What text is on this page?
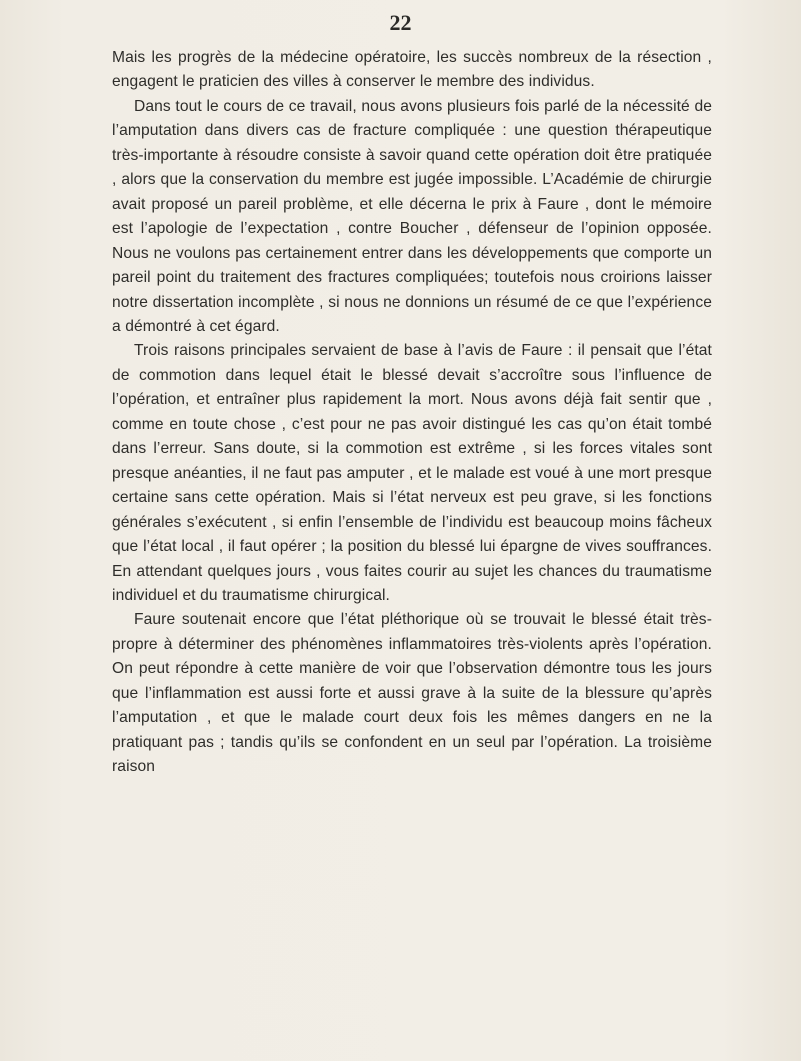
22

Mais les progrès de la médecine opératoire, les succès nombreux de la résection , engagent le praticien des villes à conserver le membre des individus.

Dans tout le cours de ce travail, nous avons plusieurs fois parlé de la nécessité de l’amputation dans divers cas de fracture compliquée : une question thérapeutique très-importante à résoudre consiste à savoir quand cette opération doit être pratiquée , alors que la conservation du membre est jugée impossible. L’Académie de chirurgie avait proposé un pareil problème, et elle décerna le prix à Faure , dont le mémoire est l’apologie de l’expectation , contre Boucher , défenseur de l’opinion opposée. Nous ne voulons pas certainement entrer dans les développements que comporte un pareil point du traitement des fractures compliquées; toutefois nous croirions laisser notre dissertation incomplète , si nous ne donnions un résumé de ce que l’expérience a démontré à cet égard.

Trois raisons principales servaient de base à l’avis de Faure : il pensait que l’état de commotion dans lequel était le blessé devait s’accroître sous l’influence de l’opération, et entraîner plus rapidement la mort. Nous avons déjà fait sentir que , comme en toute chose , c’est pour ne pas avoir distingué les cas qu’on était tombé dans l’erreur. Sans doute, si la commotion est extrême , si les forces vitales sont presque anéanties, il ne faut pas amputer , et le malade est voué à une mort presque certaine sans cette opération. Mais si l’état nerveux est peu grave, si les fonctions générales s’exécutent , si enfin l’ensemble de l’individu est beaucoup moins fâcheux que l’état local , il faut opérer ; la position du blessé lui épargne de vives souffrances. En attendant quelques jours , vous faites courir au sujet les chances du traumatisme individuel et du traumatisme chirurgical.

Faure soutenait encore que l’état pléthorique où se trouvait le blessé était très-propre à déterminer des phénomènes inflammatoires très-violents après l’opération. On peut répondre à cette manière de voir que l’observation démontre tous les jours que l’inflammation est aussi forte et aussi grave à la suite de la blessure qu’après l’amputation , et que le malade court deux fois les mêmes dangers en ne la pratiquant pas ; tandis qu’ils se confondent en un seul par l’opération. La troisième raison
